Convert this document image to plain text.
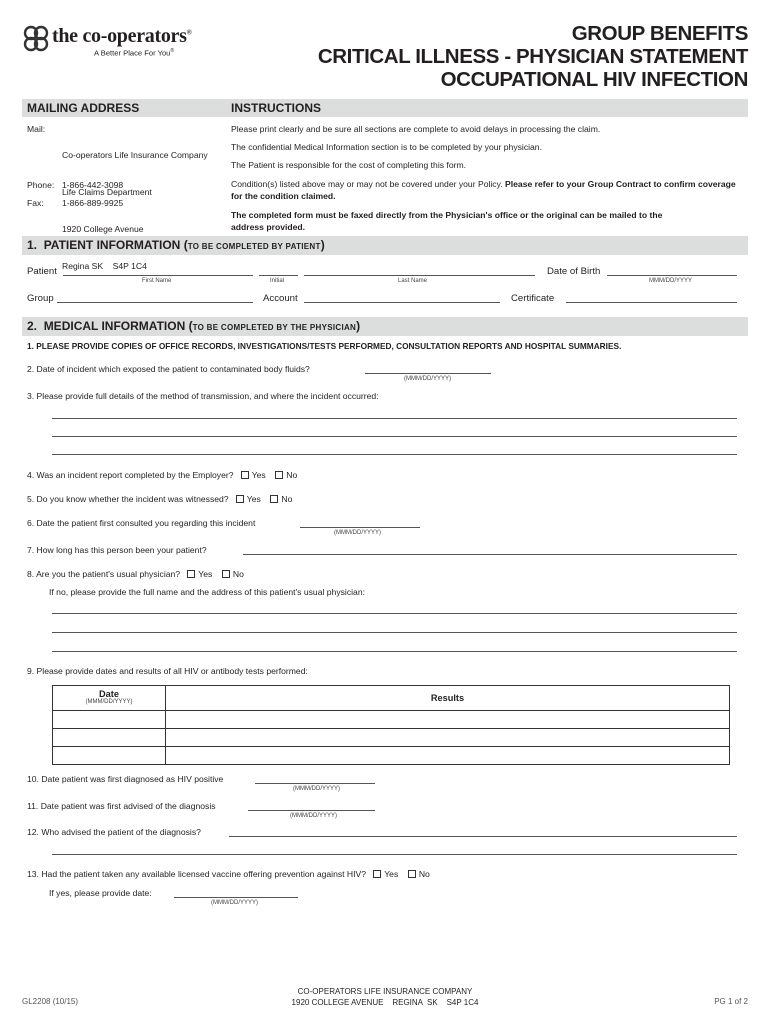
the co-operators®
A Better Place For You®
GROUP BENEFITS
CRITICAL ILLNESS - PHYSICIAN STATEMENT
OCCUPATIONAL HIV INFECTION
MAILING ADDRESS	INSTRUCTIONS
Mail:

Co-operators Life Insurance Company

Life Claims Department

1920 College Avenue

Regina SK    S4P 1C4

Phone: 1-866-442-3098
Fax: 1-866-889-9925
Please print clearly and be sure all sections are complete to avoid delays in processing the claim.
The confidential Medical Information section is to be completed by your physician.
The Patient is responsible for the cost of completing this form.
Condition(s) listed above may or may not be covered under your Policy. Please refer to your Group Contract to confirm coverage for the condition claimed.
The completed form must be faxed directly from the Physician's office or the original can be mailed to the address provided.
1. PATIENT INFORMATION (TO BE COMPLETED BY PATIENT)
Patient
First Name	Initial	Last Name
Date of Birth
MMM/DD/YYYY
Group	Account	Certificate
2. MEDICAL INFORMATION (TO BE COMPLETED BY THE PHYSICIAN)
1. PLEASE PROVIDE COPIES OF OFFICE RECORDS, INVESTIGATIONS/TESTS PERFORMED, CONSULTATION REPORTS AND HOSPITAL SUMMARIES.
2. Date of incident which exposed the patient to contaminated body fluids?
(MMM/DD/YYYY)
3. Please provide full details of the method of transmission, and where the incident occurred:
4. Was an incident report completed by the Employer? Yes No
5. Do you know whether the incident was witnessed? Yes No
6. Date the patient first consulted you regarding this incident
(MMM/DD/YYYY)
7. How long has this person been your patient?
8. Are you the patient's usual physician? Yes No
If no, please provide the full name and the address of this patient's usual physician:
9. Please provide dates and results of all HIV or antibody tests performed:
Date
(MMM/DD/YYYY)	Results

10. Date patient was first diagnosed as HIV positive
(MMM/DD/YYYY)
11. Date patient was first advised of the diagnosis
(MMM/DD/YYYY)
12. Who advised the patient of the diagnosis?
13. Had the patient taken any available licensed vaccine offering prevention against HIV? Yes No
If yes, please provide date:
(MMM/DD/YYYY)
GL2208 (10/15)
CO-OPERATORS LIFE INSURANCE COMPANY
1920 COLLEGE AVENUE    REGINA  SK    S4P 1C4	PG 1 of 2
